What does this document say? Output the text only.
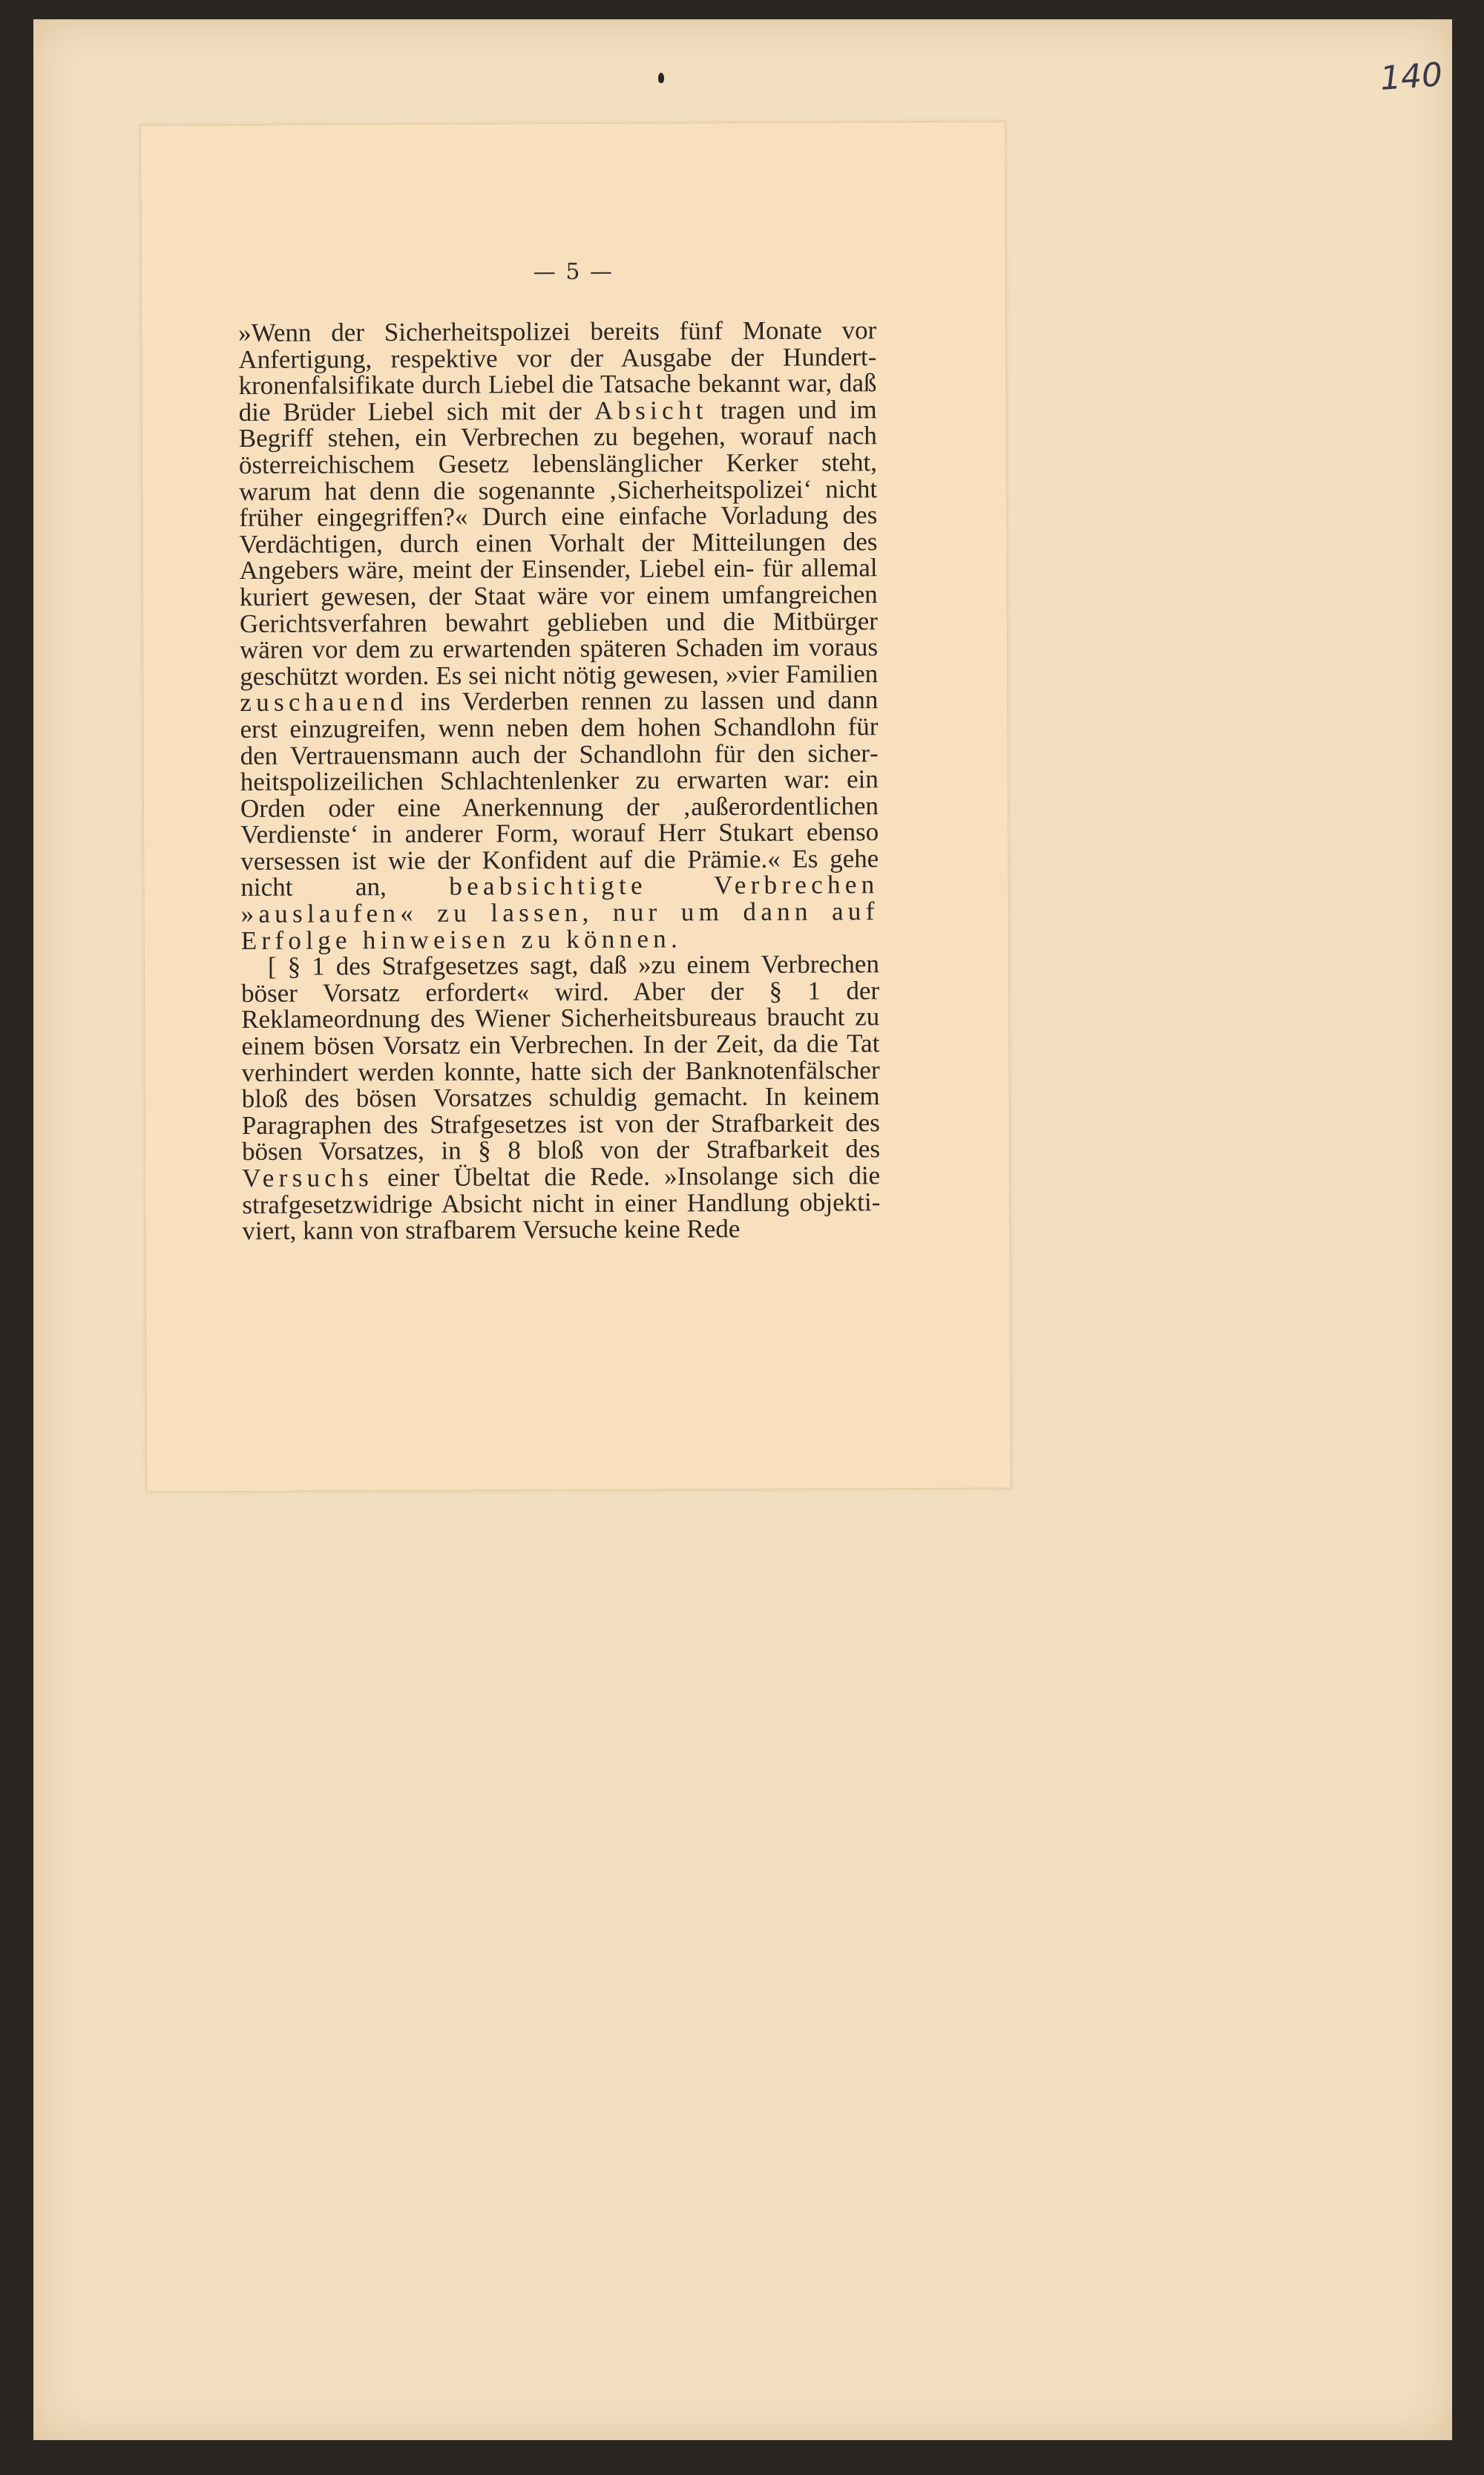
140
— 5 —

»Wenn der Sicherheitspolizei bereits fünf Monate vor Anfertigung, respektive vor der Ausgabe der Hundertkronenfalsifikate durch Liebel die Tatsache bekannt war, daß die Brüder Liebel sich mit der Absicht tragen und im Begriff stehen, ein Verbrechen zu begehen, worauf nach österreichischem Gesetz lebenslänglicher Kerker steht, warum hat denn die sogenannte ‚Sicherheitspolizei‘ nicht früher eingegriffen?« Durch eine einfache Vorladung des Verdächtigen, durch einen Vorhalt der Mitteilungen des Angebers wäre, meint der Einsender, Liebel ein- für allemal kuriert gewesen, der Staat wäre vor einem umfangreichen Gerichtsverfahren bewahrt geblieben und die Mitbürger wären vor dem zu erwartenden späteren Schaden im voraus geschützt worden. Es sei nicht nötig gewesen, »vier Familien zuschauend ins Verderben rennen zu lassen und dann erst einzugreifen, wenn neben dem hohen Schandlohn für den Vertrauensmann auch der Schandlohn für den sicherheitspolizeilichen Schlachtenlenker zu erwarten war: ein Orden oder eine Anerkennung der ‚außerordentlichen Verdienste‘ in anderer Form, worauf Herr Stukart ebenso versessen ist wie der Konfident auf die Prämie.« Es gehe nicht an, beabsichtigte Verbrechen »auslaufen« zu lassen, nur um dann auf Erfolge hinweisen zu können.

[ § 1 des Strafgesetzes sagt, daß »zu einem Verbrechen böser Vorsatz erfordert« wird. Aber der § 1 der Reklameordnung des Wiener Sicherheitsbureaus braucht zu einem bösen Vorsatz ein Verbrechen. In der Zeit, da die Tat verhindert werden konnte, hatte sich der Banknotenfälscher bloß des bösen Vorsatzes schuldig gemacht. In keinem Paragraphen des Strafgesetzes ist von der Strafbarkeit des bösen Vorsatzes, in § 8 bloß von der Strafbarkeit des Versuchs einer Übeltat die Rede. »Insolange sich die strafgesetzwidrige Absicht nicht in einer Handlung objektiviert, kann von strafbarem Versuche keine Rede
